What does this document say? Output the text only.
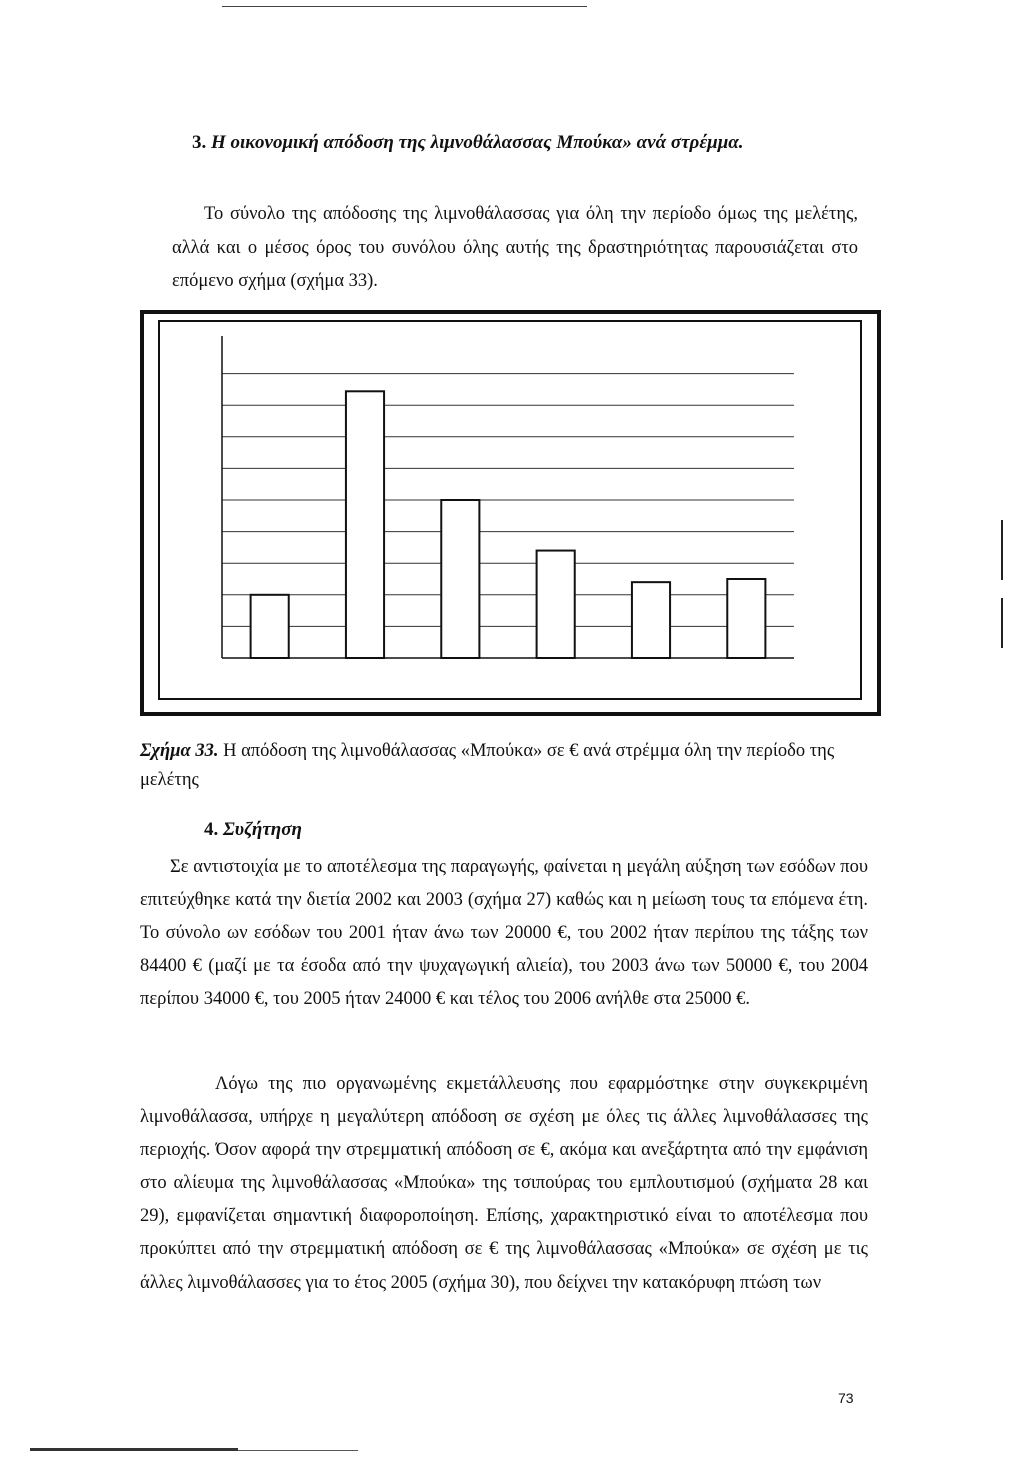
3. Η οικονομική απόδοση της λιμνοθάλασσας Μπούκα» ανά στρέμμα.

Το σύνολο της απόδοσης της λιμνοθάλασσας για όλη την περίοδο όμως της μελέτης, αλλά και ο μέσος όρος του συνόλου όλης αυτής της δραστηριότητας παρουσιάζεται στο επόμενο σχήμα (σχήμα 33).

Σχήμα 33. Η απόδοση της λιμνοθάλασσας «Μπούκα» σε € ανά στρέμμα όλη την περίοδο της μελέτης

4. Συζήτηση

Σε αντιστοιχία με το αποτέλεσμα της παραγωγής, φαίνεται η μεγάλη αύξηση των εσόδων που επιτεύχθηκε κατά την διετία 2002 και 2003 (σχήμα 27) καθώς και η μείωση τους τα επόμενα έτη. Το σύνολο ων εσόδων του 2001 ήταν άνω των 20000 €, του 2002 ήταν περίπου της τάξης των 84400 € (μαζί με τα έσοδα από την ψυχαγωγική αλιεία), του 2003 άνω των 50000 €, του 2004 περίπου 34000 €, του 2005 ήταν 24000 € και τέλος του 2006 ανήλθε στα 25000 €.

Λόγω της πιο οργανωμένης εκμετάλλευσης που εφαρμόστηκε στην συγκεκριμένη λιμνοθάλασσα, υπήρχε η μεγαλύτερη απόδοση σε σχέση με όλες τις άλλες λιμνοθάλασσες της περιοχής. Όσον αφορά την στρεμματική απόδοση σε €, ακόμα και ανεξάρτητα από την εμφάνιση στο αλίευμα της λιμνοθάλασσας «Μπούκα» της τσιπούρας του εμπλουτισμού (σχήματα 28 και 29), εμφανίζεται σημαντική διαφοροποίηση. Επίσης, χαρακτηριστικό είναι το αποτέλεσμα που προκύπτει από την στρεμματική απόδοση σε € της λιμνοθάλασσας «Μπούκα» σε σχέση με τις άλλες λιμνοθάλασσες για το έτος 2005 (σχήμα 30), που δείχνει την κατακόρυφη πτώση των

73
